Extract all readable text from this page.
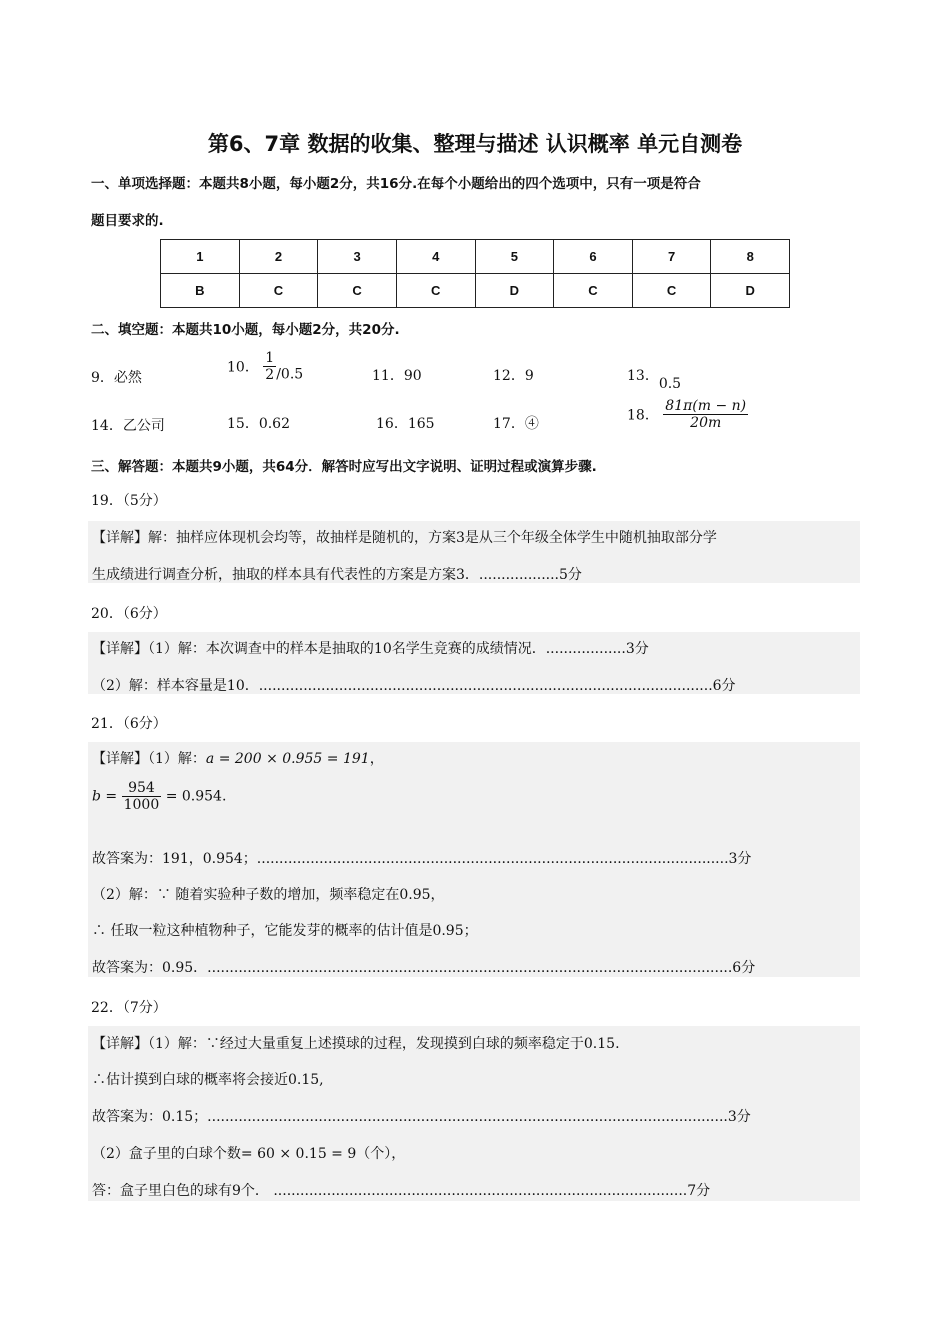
第6、7章 数据的收集、整理与描述 认识概率 单元自测卷
一、单项选择题：本题共8小题，每小题2分，共16分.在每个小题给出的四个选项中，只有一项是符合
题目要求的.
1	2	3	4	5	6	7	8
B	C	C	C	D	C	C	D
二、填空题：本题共10小题，每小题2分，共20分.
9．必然
10． $\frac{1}{2} /0.5$	11．90	12．9	13．0.5
14．乙公司	15．0.62	16．165	17．④
18． $\frac{81\pi(m - n)}{20m}$
三、解答题：本题共9小题，共64分．解答时应写出文字说明、证明过程或演算步骤.
19．（5分）
【详解】解：抽样应体现机会均等，故抽样是随机的，方案3是从三个年级全体学生中随机抽取部分学
生成绩进行调查分析，抽取的样本具有代表性的方案是方案3．..................5分
20．（6分）
【详解】（1）解：本次调查中的样本是抽取的10名学生竞赛的成绩情况．..................3分
（2）解：样本容量是10．......................................................................................................6分
21．（6分）
【详解】（1）解：a = 200 × 0.955 = 191，
$b = \frac{954}{1000} = 0.954$.
故答案为：191，0.954；..........................................................................................................3分
（2）解：∵ 随着实验种子数的增加，频率稳定在0.95，
∴ 任取一粒这种植物种子，它能发芽的概率的估计值是0.95；
故答案为：0.95．......................................................................................................................6分
22．（7分）
【详解】（1）解：∵经过大量重复上述摸球的过程，发现摸到白球的频率稳定于0.15.
∴估计摸到白球的概率将会接近0.15,
故答案为：0.15；.....................................................................................................................3分
（2）盒子里的白球个数= 60 × 0.15 = 9（个），
答：盒子里白色的球有9个． .............................................................................................7分
